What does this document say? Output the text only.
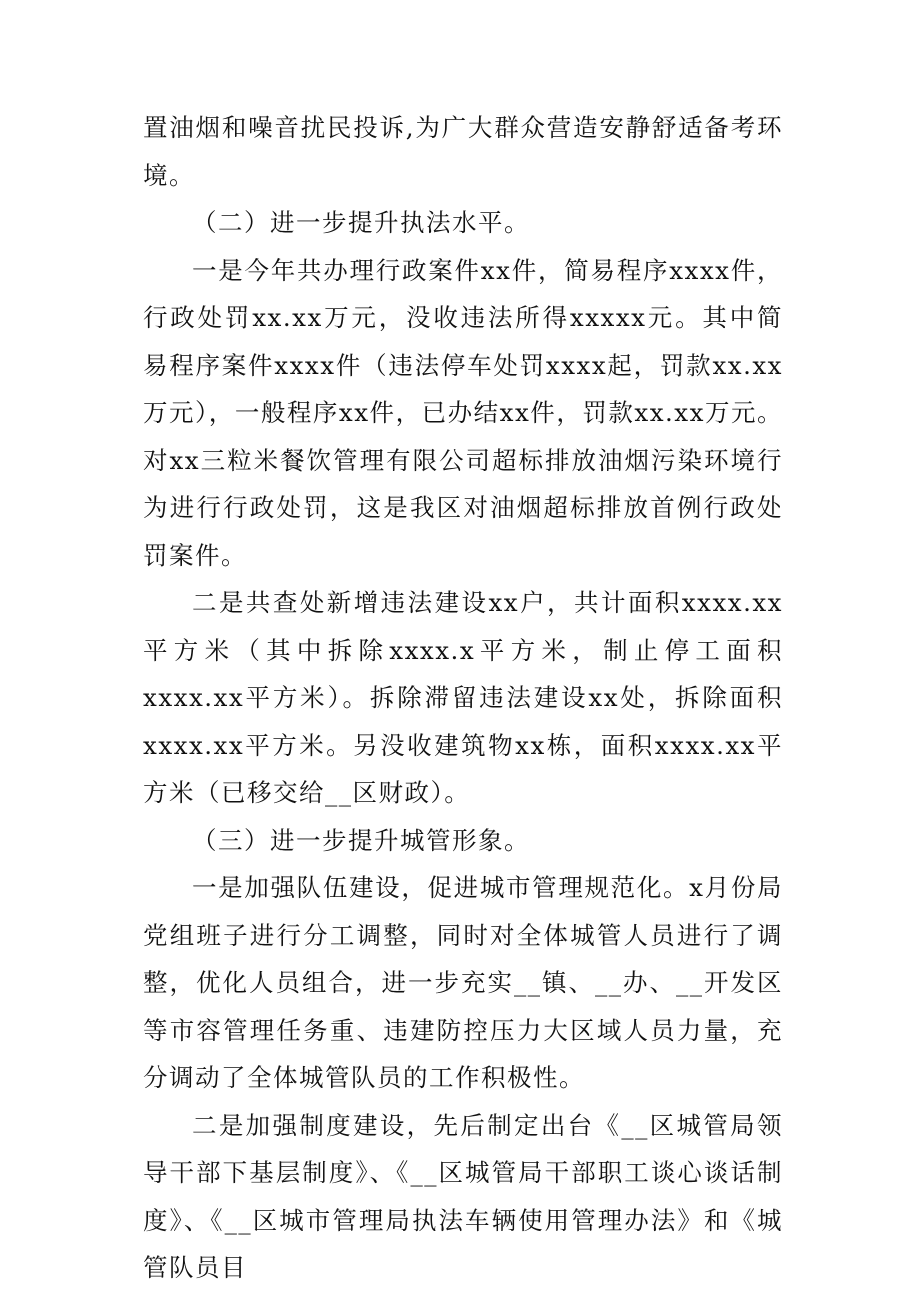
置油烟和噪音扰民投诉,为广大群众营造安静舒适备考环境。

（二）进一步提升执法水平。

一是今年共办理行政案件xx件，简易程序xxxx件，行政处罚xx.xx万元，没收违法所得xxxxx元。其中简易程序案件xxxx件（违法停车处罚xxxx起，罚款xx.xx万元），一般程序xx件，已办结xx件，罚款xx.xx万元。对xx三粒米餐饮管理有限公司超标排放油烟污染环境行为进行行政处罚，这是我区对油烟超标排放首例行政处罚案件。

二是共查处新增违法建设xx户，共计面积xxxx.xx平方米（其中拆除xxxx.x平方米，制止停工面积xxxx.xx平方米）。拆除滞留违法建设xx处，拆除面积xxxx.xx平方米。另没收建筑物xx栋，面积xxxx.xx平方米（已移交给__区财政）。

（三）进一步提升城管形象。

一是加强队伍建设，促进城市管理规范化。x月份局党组班子进行分工调整，同时对全体城管人员进行了调整，优化人员组合，进一步充实__镇、__办、__开发区等市容管理任务重、违建防控压力大区域人员力量，充分调动了全体城管队员的工作积极性。

二是加强制度建设，先后制定出台《__区城管局领导干部下基层制度》、《__区城管局干部职工谈心谈话制度》、《__区城市管理局执法车辆使用管理办法》和《城管队员目
